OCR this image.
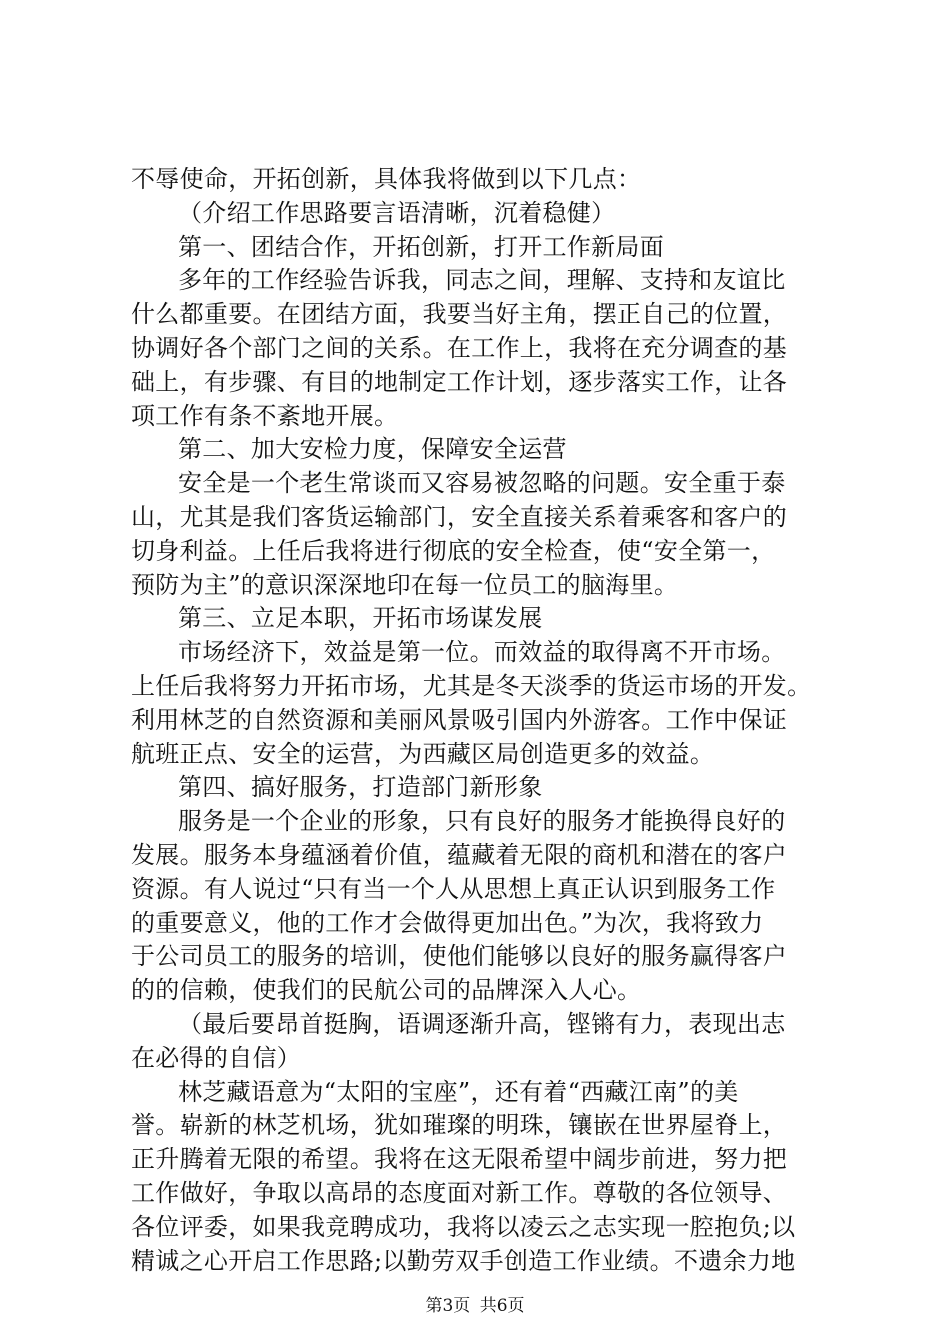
不辱使命，开拓创新，具体我将做到以下几点：
（介绍工作思路要言语清晰，沉着稳健）
第一、团结合作，开拓创新，打开工作新局面
多年的工作经验告诉我，同志之间，理解、支持和友谊比
什么都重要。在团结方面，我要当好主角，摆正自己的位置，
协调好各个部门之间的关系。在工作上，我将在充分调查的基
础上，有步骤、有目的地制定工作计划，逐步落实工作，让各
项工作有条不紊地开展。
第二、加大安检力度，保障安全运营
安全是一个老生常谈而又容易被忽略的问题。安全重于泰
山，尤其是我们客货运输部门，安全直接关系着乘客和客户的
切身利益。上任后我将进行彻底的安全检查，使“安全第一，
预防为主”的意识深深地印在每一位员工的脑海里。
第三、立足本职，开拓市场谋发展
市场经济下，效益是第一位。而效益的取得离不开市场。
上任后我将努力开拓市场，尤其是冬天淡季的货运市场的开发。
利用林芝的自然资源和美丽风景吸引国内外游客。工作中保证
航班正点、安全的运营，为西藏区局创造更多的效益。
第四、搞好服务，打造部门新形象
服务是一个企业的形象，只有良好的服务才能换得良好的
发展。服务本身蕴涵着价值，蕴藏着无限的商机和潜在的客户
资源。有人说过“只有当一个人从思想上真正认识到服务工作
的重要意义，他的工作才会做得更加出色。”为次，我将致力
于公司员工的服务的培训，使他们能够以良好的服务赢得客户
的的信赖，使我们的民航公司的品牌深入人心。
（最后要昂首挺胸，语调逐渐升高，铿锵有力，表现出志
在必得的自信）
林芝藏语意为“太阳的宝座”，还有着“西藏江南”的美
誉。崭新的林芝机场，犹如璀璨的明珠，镶嵌在世界屋脊上，
正升腾着无限的希望。我将在这无限希望中阔步前进，努力把
工作做好，争取以高昂的态度面对新工作。尊敬的各位领导、
各位评委，如果我竞聘成功，我将以凌云之志实现一腔抱负;以
精诚之心开启工作思路;以勤劳双手创造工作业绩。不遗余力地
第3页 共6页
